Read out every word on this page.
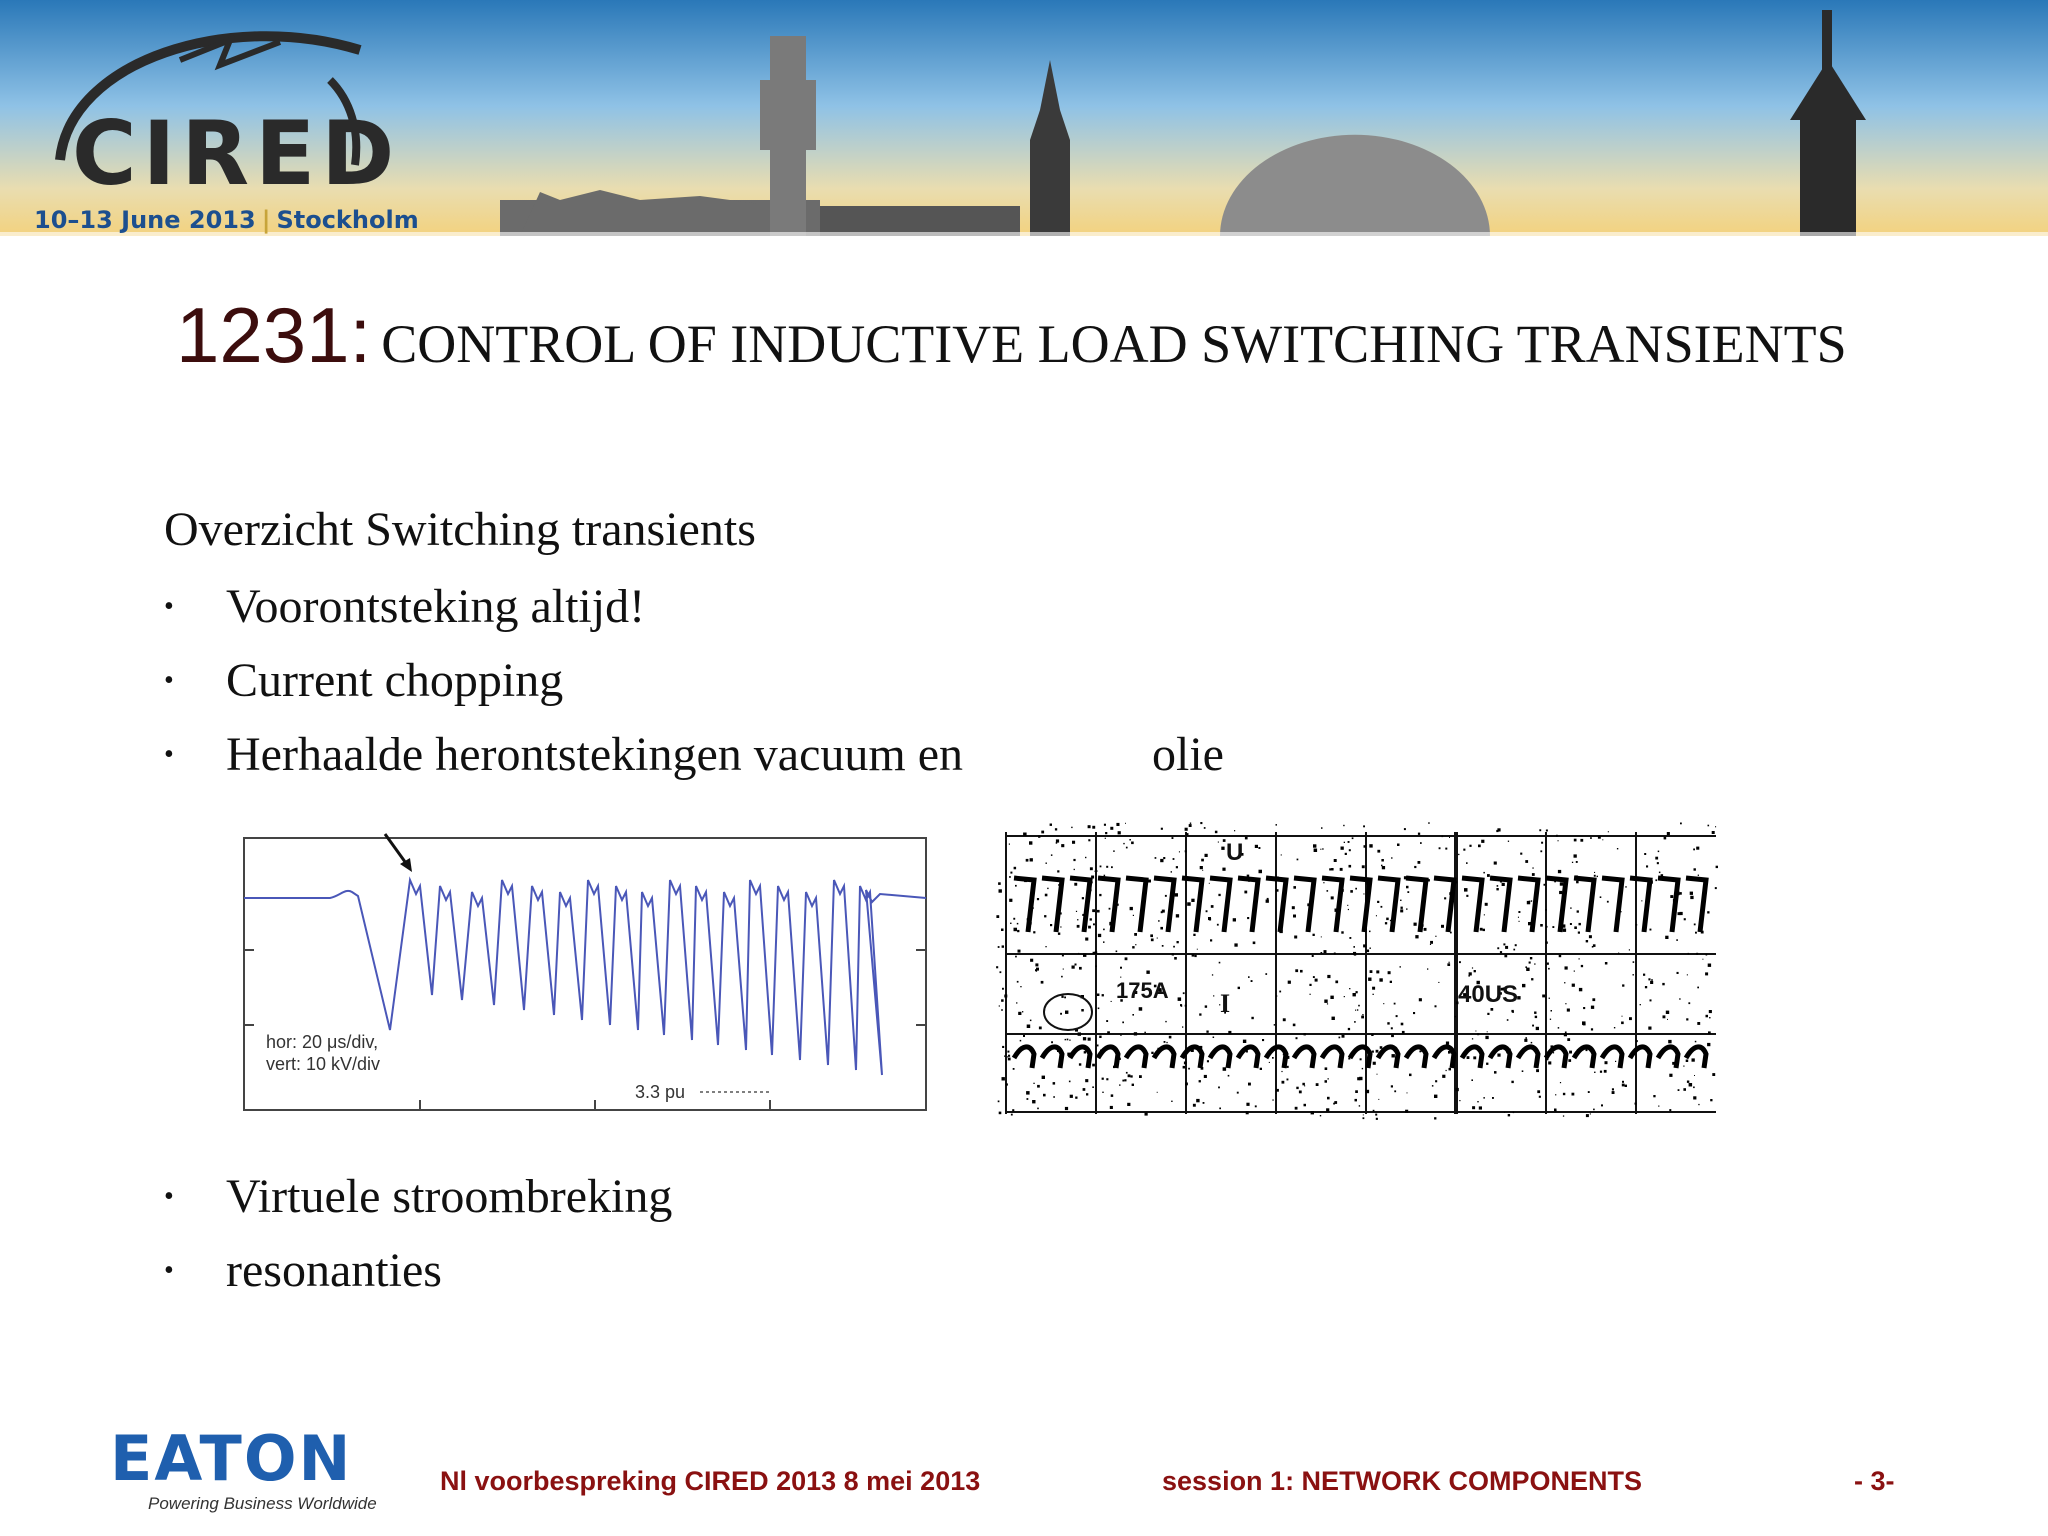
CIRED
10–13 June 2013 | Stockholm
1231: CONTROL OF INDUCTIVE LOAD SWITCHING TRANSIENTS
Overzicht Switching transients
• Voorontsteking altijd!
• Current chopping
• Herhaalde herontstekingen vacuum en	olie
hor: 20 μs/div,
vert: 10 kV/div
3.3 pu
U
175A I	40US
• Virtuele stroombreking
• resonanties
EATON
Powering Business Worldwide
Nl voorbespreking CIRED 2013 8 mei 2013	session 1: NETWORK COMPONENTS	- 3-
